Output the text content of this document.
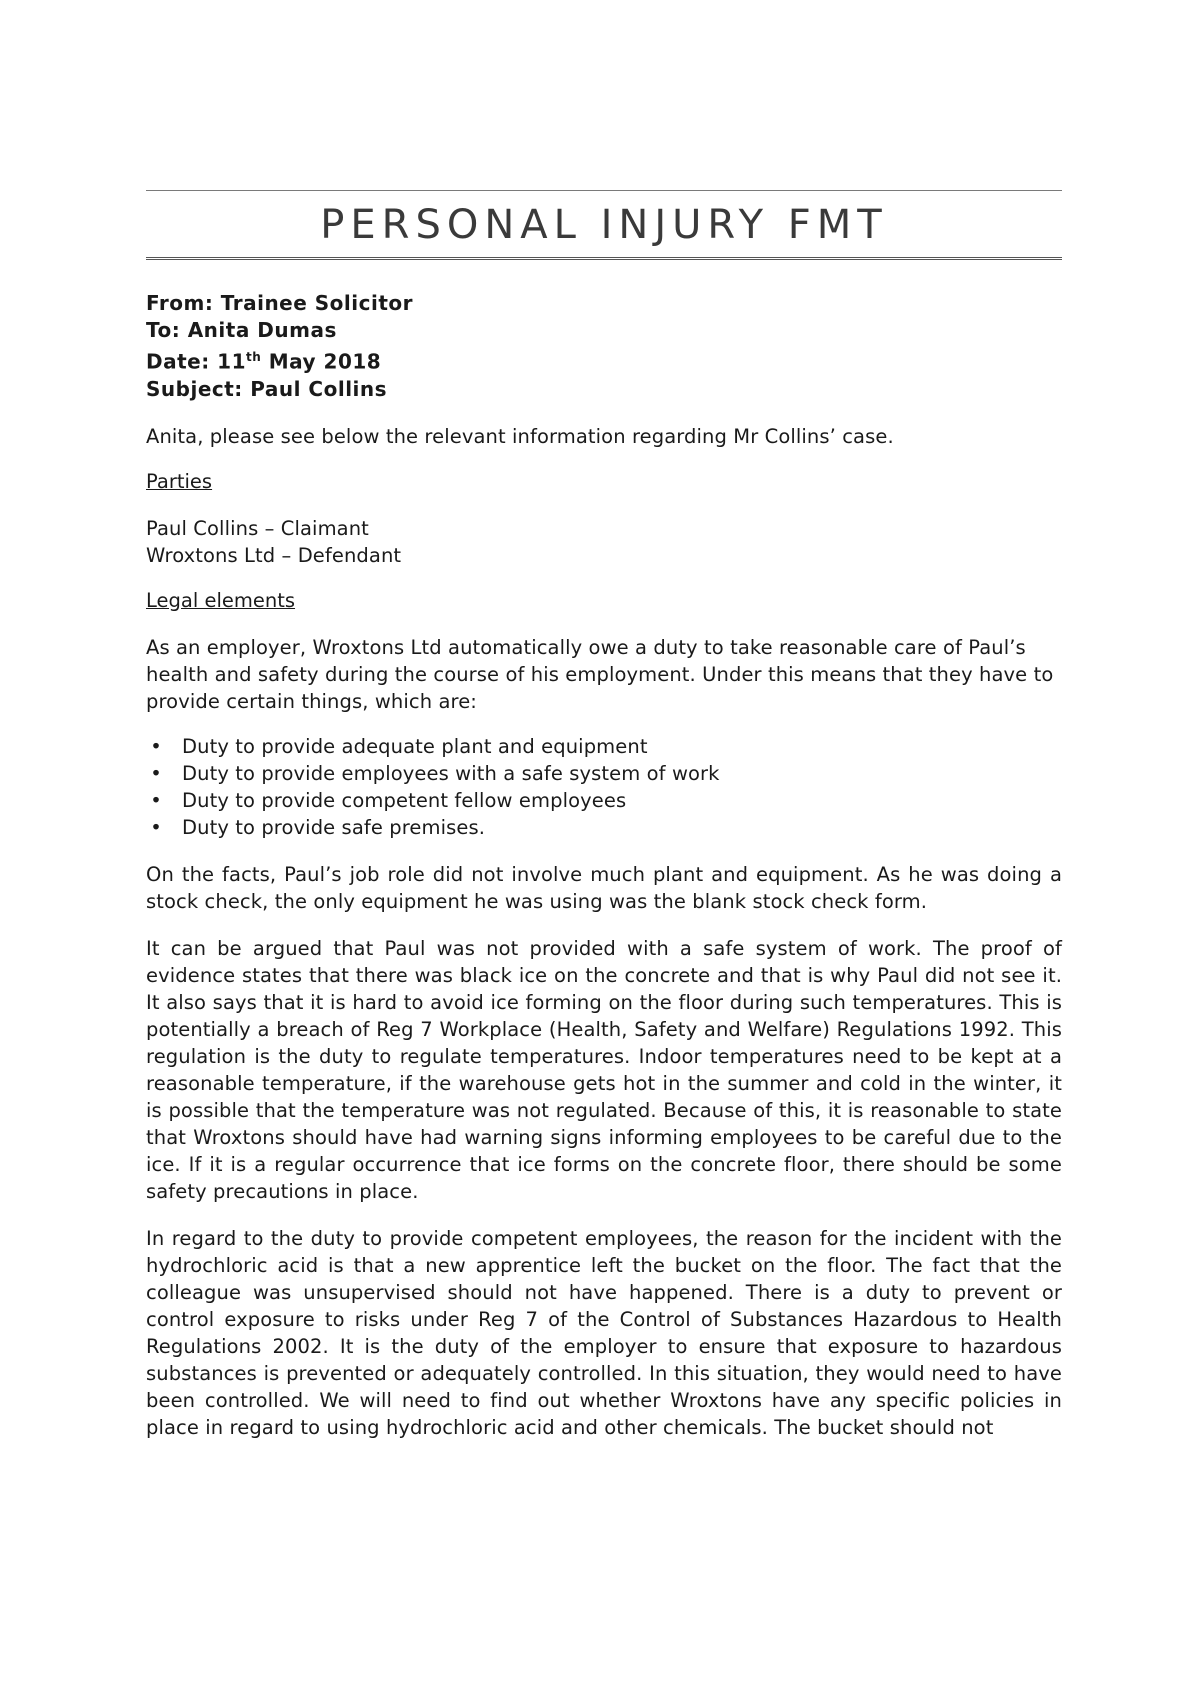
PERSONAL INJURY FMT
From: Trainee Solicitor
To: Anita Dumas
Date: 11th May 2018
Subject: Paul Collins

Anita, please see below the relevant information regarding Mr Collins’ case.

Parties
Paul Collins – Claimant
Wroxtons Ltd – Defendant
Legal elements

As an employer, Wroxtons Ltd automatically owe a duty to take reasonable care of Paul’s health and safety during the course of his employment. Under this means that they have to provide certain things, which are:

• Duty to provide adequate plant and equipment
• Duty to provide employees with a safe system of work
• Duty to provide competent fellow employees
• Duty to provide safe premises.

On the facts, Paul’s job role did not involve much plant and equipment. As he was doing a stock check, the only equipment he was using was the blank stock check form.

It can be argued that Paul was not provided with a safe system of work. The proof of evidence states that there was black ice on the concrete and that is why Paul did not see it. It also says that it is hard to avoid ice forming on the floor during such temperatures. This is potentially a breach of Reg 7 Workplace (Health, Safety and Welfare) Regulations 1992. This regulation is the duty to regulate temperatures. Indoor temperatures need to be kept at a reasonable temperature, if the warehouse gets hot in the summer and cold in the winter, it is possible that the temperature was not regulated. Because of this, it is reasonable to state that Wroxtons should have had warning signs informing employees to be careful due to the ice. If it is a regular occurrence that ice forms on the concrete floor, there should be some safety precautions in place.

In regard to the duty to provide competent employees, the reason for the incident with the hydrochloric acid is that a new apprentice left the bucket on the floor. The fact that the colleague was unsupervised should not have happened. There is a duty to prevent or control exposure to risks under Reg 7 of the Control of Substances Hazardous to Health Regulations 2002. It is the duty of the employer to ensure that exposure to hazardous substances is prevented or adequately controlled. In this situation, they would need to have been controlled. We will need to find out whether Wroxtons have any specific policies in place in regard to using hydrochloric acid and other chemicals. The bucket should not
